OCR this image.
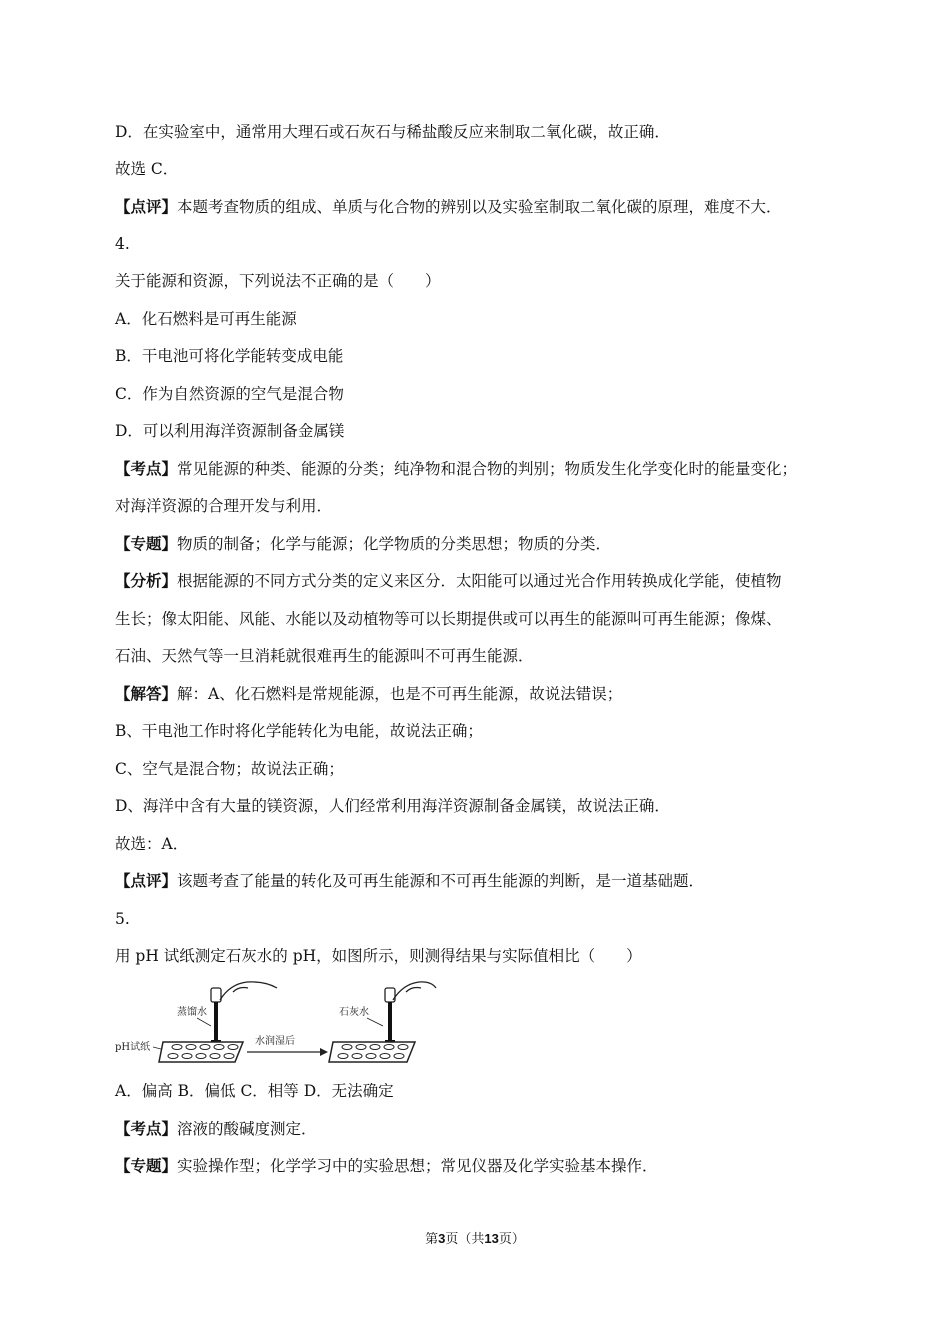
D．在实验室中，通常用大理石或石灰石与稀盐酸反应来制取二氧化碳，故正确．
故选 C．
【点评】本题考查物质的组成、单质与化合物的辨别以及实验室制取二氧化碳的原理，难度不大．
4.
关于能源和资源，下列说法不正确的是（　　）
A．化石燃料是可再生能源
B．干电池可将化学能转变成电能
C．作为自然资源的空气是混合物
D．可以利用海洋资源制备金属镁
【考点】常见能源的种类、能源的分类；纯净物和混合物的判别；物质发生化学变化时的能量变化；
对海洋资源的合理开发与利用．
【专题】物质的制备；化学与能源；化学物质的分类思想；物质的分类．
【分析】根据能源的不同方式分类的定义来区分．太阳能可以通过光合作用转换成化学能，使植物
生长；像太阳能、风能、水能以及动植物等可以长期提供或可以再生的能源叫可再生能源；像煤、
石油、天然气等一旦消耗就很难再生的能源叫不可再生能源．
【解答】解：A、化石燃料是常规能源，也是不可再生能源，故说法错误；
B、干电池工作时将化学能转化为电能，故说法正确；
C、空气是混合物；故说法正确；
D、海洋中含有大量的镁资源，人们经常利用海洋资源制备金属镁，故说法正确．
故选：A．
【点评】该题考查了能量的转化及可再生能源和不可再生能源的判断，是一道基础题．
5.
用 pH 试纸测定石灰水的 pH，如图所示，则测得结果与实际值相比（　　）
蒸馏水
pH试纸
水润湿后
石灰水
A．偏高 B．偏低 C．相等 D．无法确定
【考点】溶液的酸碱度测定．
【专题】实验操作型；化学学习中的实验思想；常见仪器及化学实验基本操作．
第3页（共13页）
